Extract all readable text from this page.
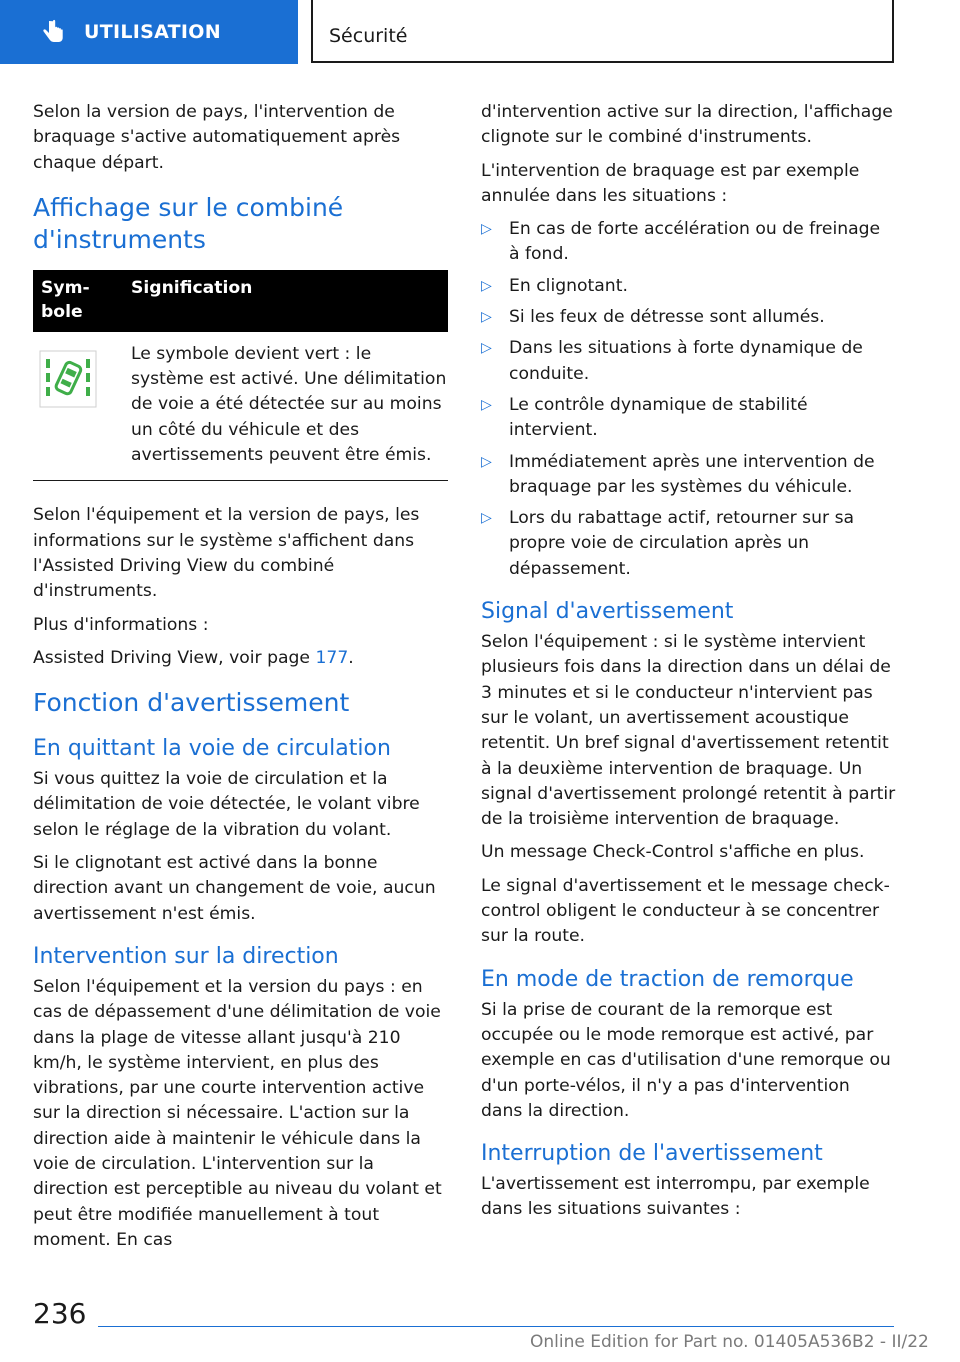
UTILISATION	Sécurité

Selon la version de pays, l'intervention de braquage s'active automatiquement après chaque départ.

Affichage sur le combiné d'instruments
Sym-
bole
Signification
Le symbole devient vert : le système est activé. Une délimitation de voie a été détectée sur au moins un côté du véhicule et des avertissements peuvent être émis.

Selon l'équipement et la version de pays, les informations sur le système s'affichent dans l'Assisted Driving View du combiné d'instruments.

Plus d'informations :

Assisted Driving View, voir page 177.

Fonction d'avertissement
En quittant la voie de circulation

Si vous quittez la voie de circulation et la délimitation de voie détectée, le volant vibre selon le réglage de la vibration du volant.

Si le clignotant est activé dans la bonne direction avant un changement de voie, aucun avertissement n'est émis.

Intervention sur la direction

Selon l'équipement et la version du pays : en cas de dépassement d'une délimitation de voie dans la plage de vitesse allant jusqu'à 210 km/h, le système intervient, en plus des vibrations, par une courte intervention active sur la direction si nécessaire. L'action sur la direction aide à maintenir le véhicule dans la voie de circulation. L'intervention sur la direction est perceptible au niveau du volant et peut être modifiée manuellement à tout moment. En cas

d'intervention active sur la direction, l'affichage clignote sur le combiné d'instruments.

L'intervention de braquage est par exemple annulée dans les situations :

▷ En cas de forte accélération ou de freinage à fond.
▷ En clignotant.
▷ Si les feux de détresse sont allumés.
▷ Dans les situations à forte dynamique de conduite.
▷ Le contrôle dynamique de stabilité intervient.
▷ Immédiatement après une intervention de braquage par les systèmes du véhicule.
▷ Lors du rabattage actif, retourner sur sa propre voie de circulation après un dépassement.
Signal d'avertissement

Selon l'équipement : si le système intervient plusieurs fois dans la direction dans un délai de 3 minutes et si le conducteur n'intervient pas sur le volant, un avertissement acoustique retentit. Un bref signal d'avertissement retentit à la deuxième intervention de braquage. Un signal d'avertissement prolongé retentit à partir de la troisième intervention de braquage.

Un message Check-Control s'affiche en plus.

Le signal d'avertissement et le message check-control obligent le conducteur à se concentrer sur la route.

En mode de traction de remorque

Si la prise de courant de la remorque est occupée ou le mode remorque est activé, par exemple en cas d'utilisation d'une remorque ou d'un porte-vélos, il n'y a pas d'intervention dans la direction.

Interruption de l'avertissement

L'avertissement est interrompu, par exemple dans les situations suivantes :

236
Online Edition for Part no. 01405A536B2 - II/22
